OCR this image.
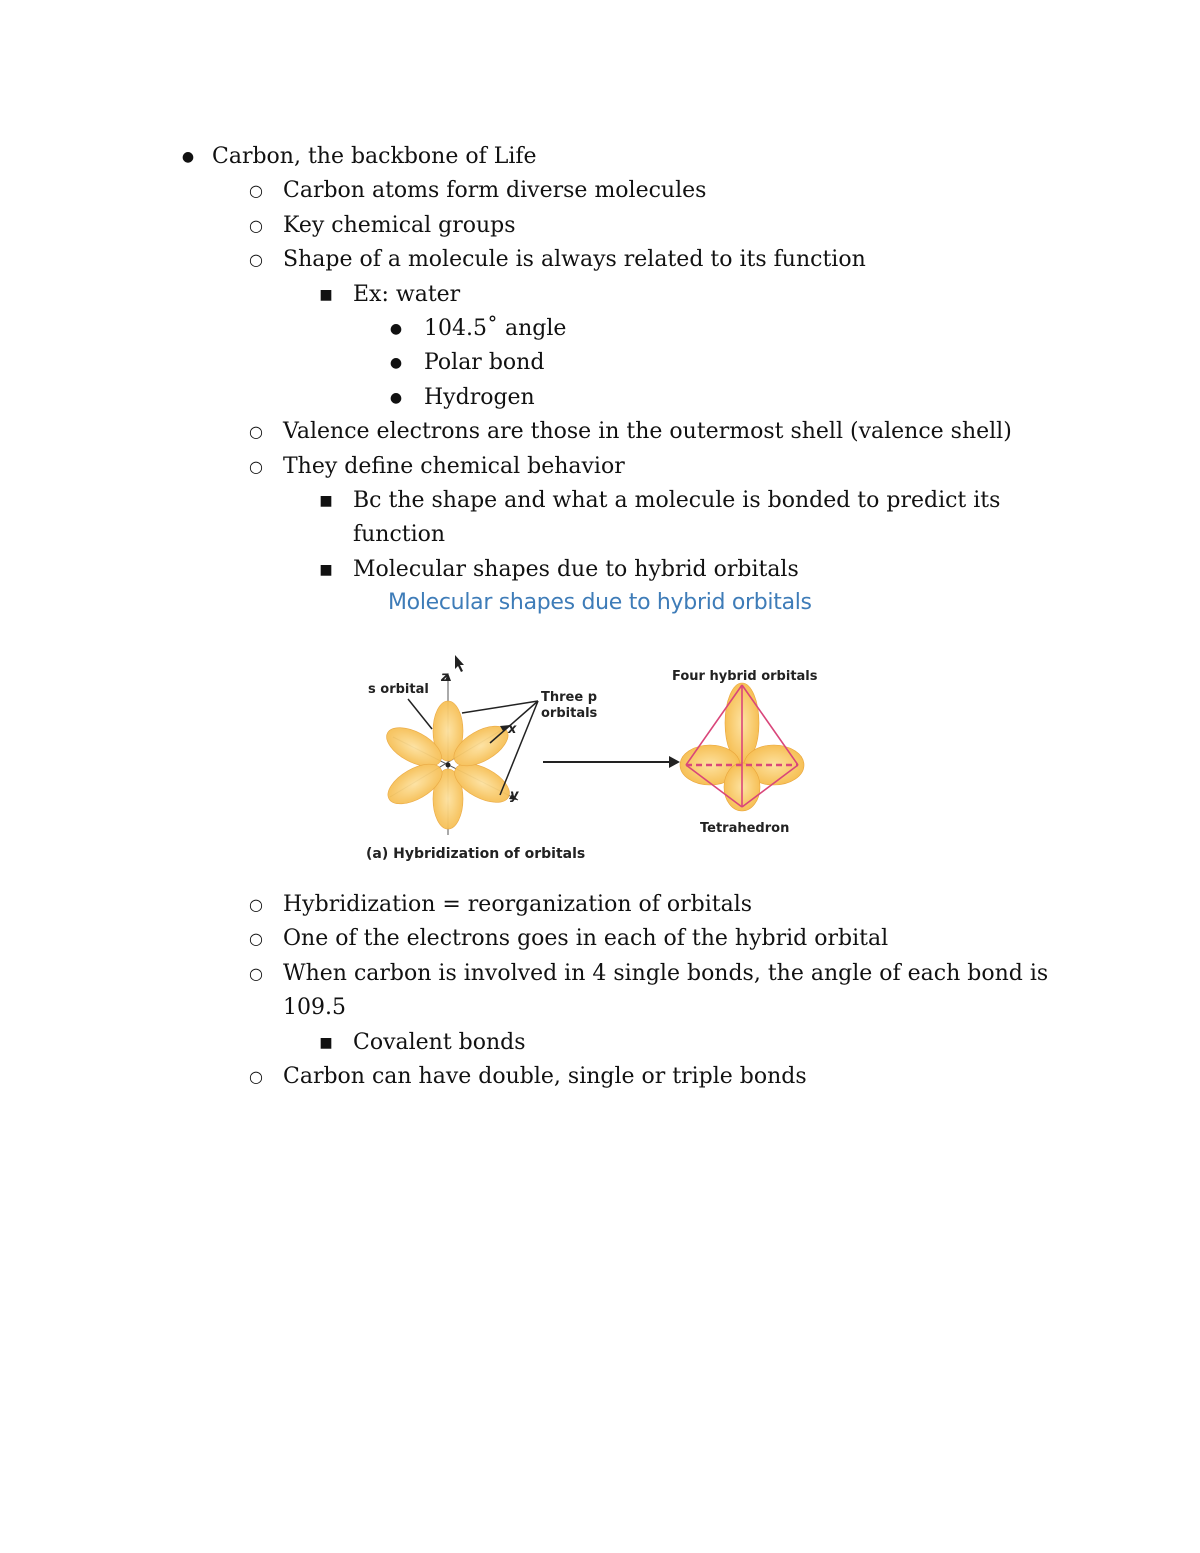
● Carbon, the backbone of Life
○ Carbon atoms form diverse molecules
○ Key chemical groups
○ Shape of a molecule is always related to its function
■ Ex: water
● 104.5˚ angle
● Polar bond
● Hydrogen
○ Valence electrons are those in the outermost shell (valence shell)
○ They define chemical behavior
■ Bc the shape and what a molecule is bonded to predict its
function
■ Molecular shapes due to hybrid orbitals
Molecular shapes due to hybrid orbitals
s orbital
z
x
y
Three p
orbitals
Four hybrid orbitals
Tetrahedron
(a) Hybridization of orbitals
○ Hybridization = reorganization of orbitals
○ One of the electrons goes in each of the hybrid orbital
○ When carbon is involved in 4 single bonds, the angle of each bond is
109.5
■ Covalent bonds
○ Carbon can have double, single or triple bonds
